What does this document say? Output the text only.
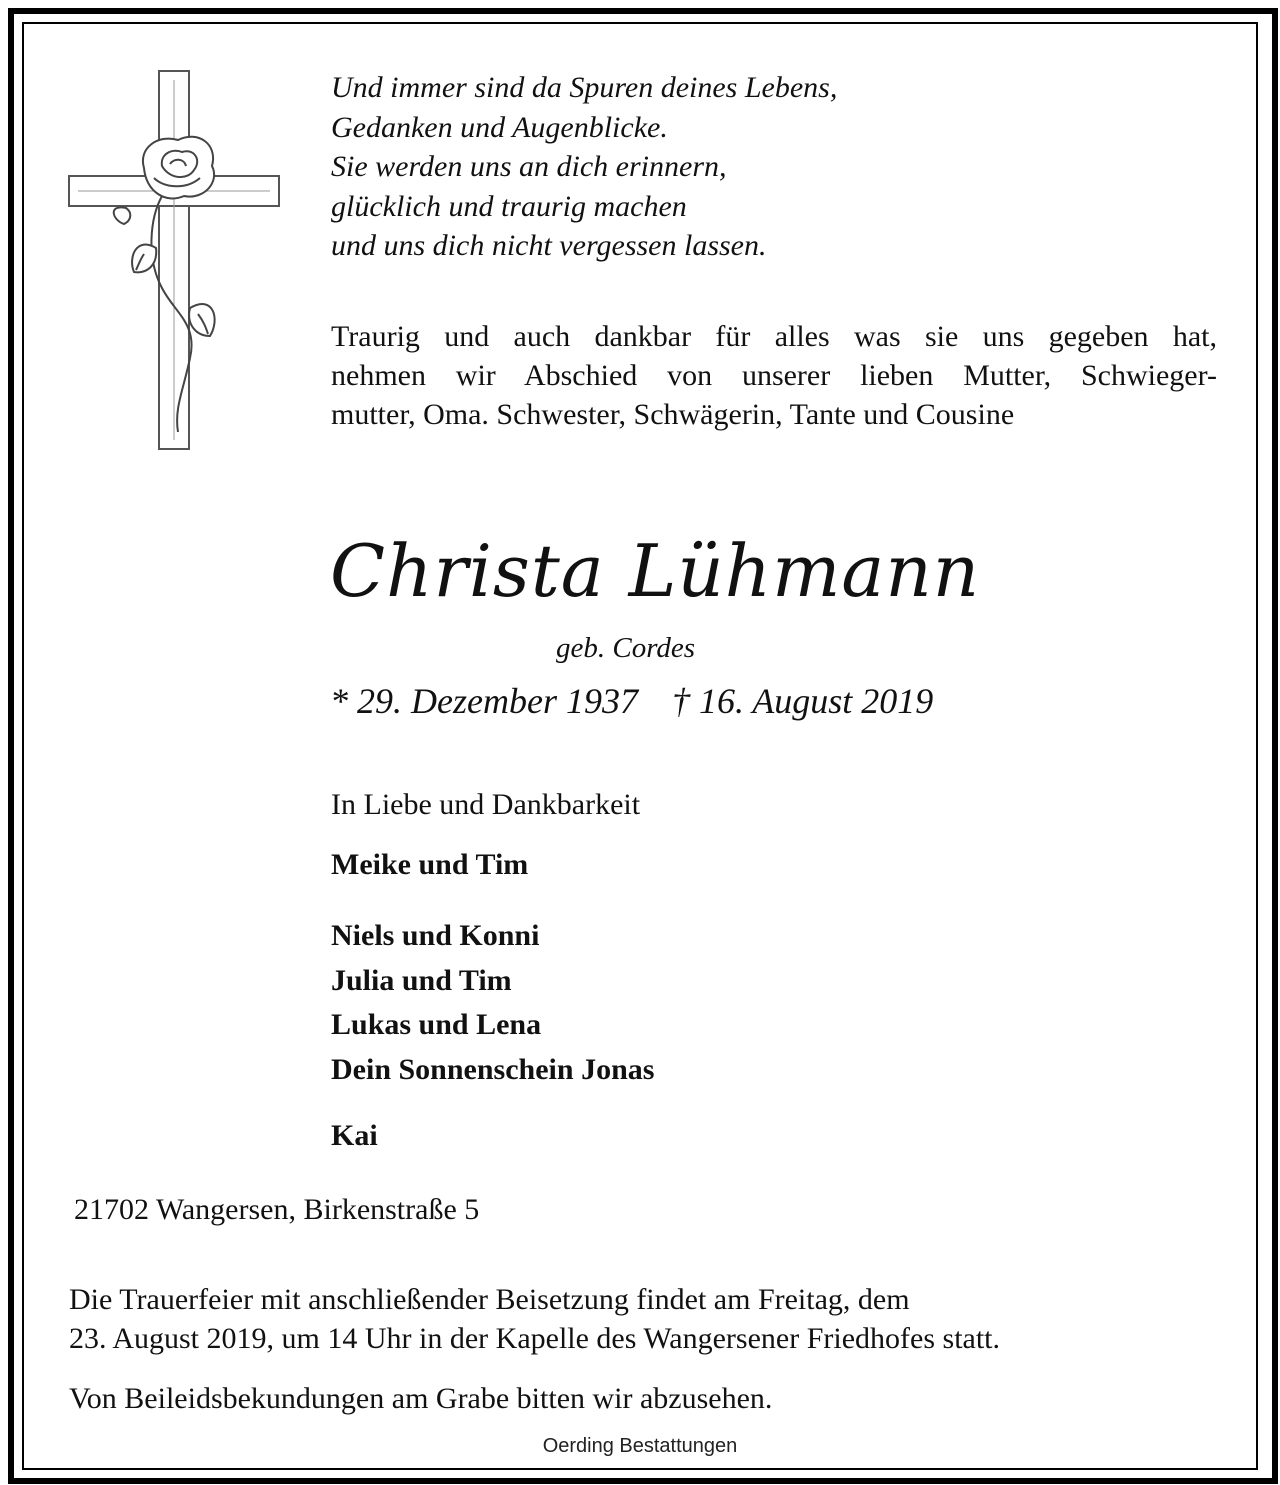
Und immer sind da Spuren deines Lebens,
Gedanken und Augenblicke.
Sie werden uns an dich erinnern,
glücklich und traurig machen
und uns dich nicht vergessen lassen.
Traurig und auch dankbar für alles was sie uns gegeben hat,
nehmen wir Abschied von unserer lieben Mutter, Schwieger-
mutter, Oma. Schwester, Schwägerin, Tante und Cousine
Christa Lühmann
geb. Cordes
* 29. Dezember 1937 † 16. August 2019
In Liebe und Dankbarkeit
Meike und Tim
Niels und Konni
Julia und Tim
Lukas und Lena
Dein Sonnenschein Jonas
Kai
21702 Wangersen, Birkenstraße 5
Die Trauerfeier mit anschließender Beisetzung findet am Freitag, dem
23. August 2019, um 14 Uhr in der Kapelle des Wangersener Friedhofes statt.
Von Beileidsbekundungen am Grabe bitten wir abzusehen.
Oerding Bestattungen
